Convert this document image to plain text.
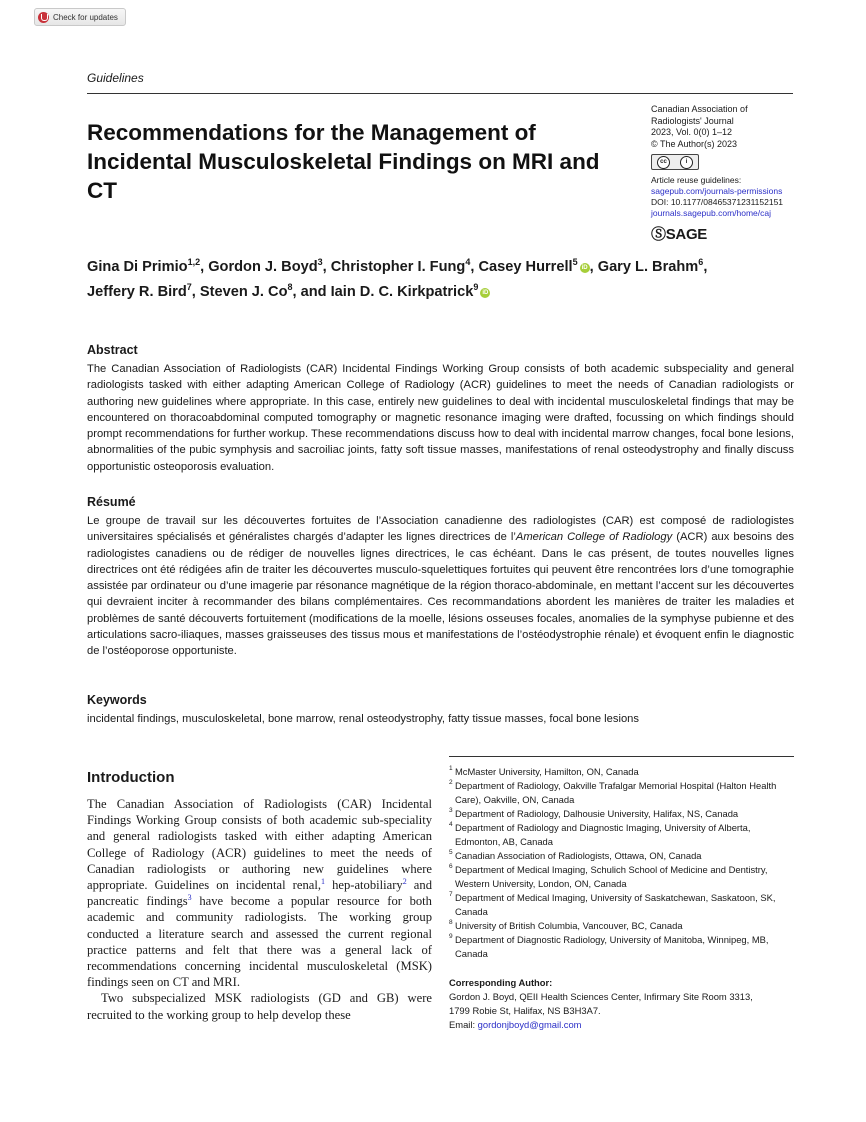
Check for updates
Guidelines
Recommendations for the Management of Incidental Musculoskeletal Findings on MRI and CT
Canadian Association of
Radiologists' Journal
2023, Vol. 0(0) 1–12
© The Author(s) 2023
cc	i
Article reuse guidelines:
sagepub.com/journals-permissions
DOI: 10.1177/08465371231152151
journals.sagepub.com/home/caj
ⓈSAGE
Gina Di Primio$^{1,2}$, Gordon J. Boyd$^3$, Christopher I. Fung$^4$, Casey Hurrell$^5$iD , Gary L. Brahm$^6$,
Jeffery R. Bird$^7$, Steven J. Co$^8$, and Iain D. C. Kirkpatrick$^9$iD
Abstract
The Canadian Association of Radiologists (CAR) Incidental Findings Working Group consists of both academic subspeciality and general radiologists tasked with either adapting American College of Radiology (ACR) guidelines to meet the needs of Canadian radiologists or authoring new guidelines where appropriate. In this case, entirely new guidelines to deal with incidental musculoskeletal findings that may be encountered on thoracoabdominal computed tomography or magnetic resonance imaging were drafted, focussing on which findings should prompt recommendations for further workup. These recommendations discuss how to deal with incidental marrow changes, focal bone lesions, abnormalities of the pubic symphysis and sacroiliac joints, fatty soft tissue masses, manifestations of renal osteodystrophy and finally discuss opportunistic osteoporosis evaluation.
Résumé
Le groupe de travail sur les découvertes fortuites de l’Association canadienne des radiologistes (CAR) est composé de radiologistes universitaires spécialisés et généralistes chargés d’adapter les lignes directrices de l’American College of Radiology (ACR) aux besoins des radiologistes canadiens ou de rédiger de nouvelles lignes directrices, le cas échéant. Dans le cas présent, de toutes nouvelles lignes directrices ont été rédigées afin de traiter les découvertes musculo-squelettiques fortuites qui peuvent être rencontrées lors d’une tomographie assistée par ordinateur ou d’une imagerie par résonance magnétique de la région thoraco-abdominale, en mettant l’accent sur les découvertes qui devraient inciter à recommander des bilans complémentaires. Ces recommandations abordent les manières de traiter les maladies et problèmes de santé découverts fortuitement (modifications de la moelle, lésions osseuses focales, anomalies de la symphyse pubienne et des articulations sacro-iliaques, masses graisseuses des tissus mous et manifestations de l’ostéodystrophie rénale) et évoquent enfin le diagnostic de l’ostéoporose opportuniste.
Keywords
incidental findings, musculoskeletal, bone marrow, renal osteodystrophy, fatty tissue masses, focal bone lesions
Introduction

The Canadian Association of Radiologists (CAR) Incidental Findings Working Group consists of both academic sub-speciality and general radiologists tasked with either adapting American College of Radiology (ACR) guidelines to meet the needs of Canadian radiologists or authoring new guidelines where appropriate. Guidelines on incidental renal,$^1$ hep-atobiliary$^2$ and pancreatic findings$^3$ have become a popular resource for both academic and community radiologists. The working group conducted a literature search and assessed the current regional practice patterns and felt that there was a general lack of recommendations concerning incidental musculoskeletal (MSK) findings seen on CT and MRI.

Two subspecialized MSK radiologists (GD and GB) were recruited to the working group to help develop these

1 McMaster University, Hamilton, ON, Canada
2 Department of Radiology, Oakville Trafalgar Memorial Hospital (Halton Health Care), Oakville, ON, Canada
3 Department of Radiology, Dalhousie University, Halifax, NS, Canada
4 Department of Radiology and Diagnostic Imaging, University of Alberta, Edmonton, AB, Canada
5 Canadian Association of Radiologists, Ottawa, ON, Canada
6 Department of Medical Imaging, Schulich School of Medicine and Dentistry, Western University, London, ON, Canada
7 Department of Medical Imaging, University of Saskatchewan, Saskatoon, SK, Canada
8 University of British Columbia, Vancouver, BC, Canada
9 Department of Diagnostic Radiology, University of Manitoba, Winnipeg, MB, Canada
Corresponding Author:
Gordon J. Boyd, QEII Health Sciences Center, Infirmary Site Room 3313,
1799 Robie St, Halifax, NS B3H3A7.
Email: gordonjboyd@gmail.com
